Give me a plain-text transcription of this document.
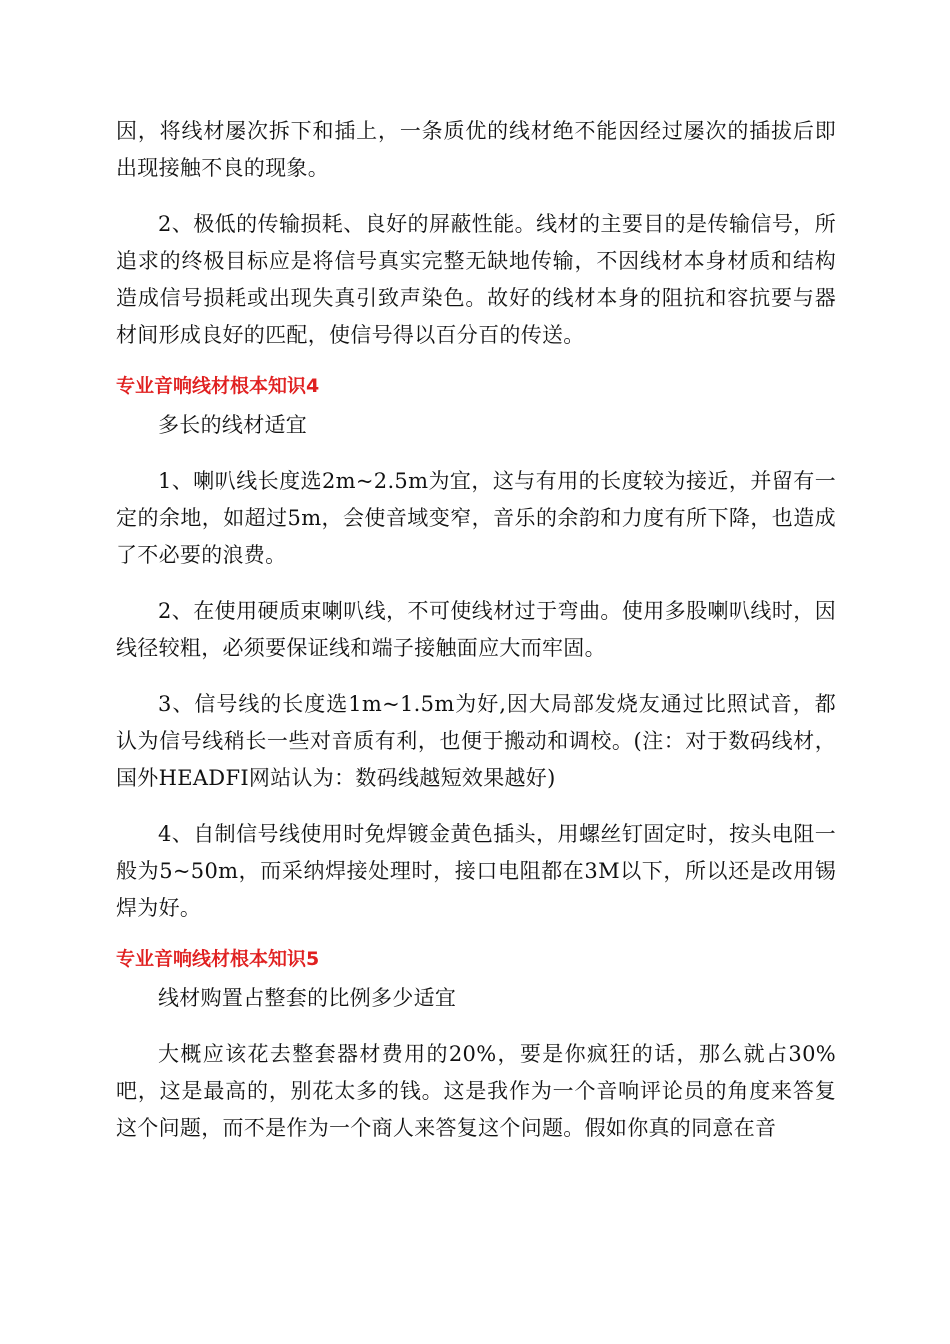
因，将线材屡次拆下和插上，一条质优的线材绝不能因经过屡次的插拔后即出现接触不良的现象。

2、极低的传输损耗、良好的屏蔽性能。线材的主要目的是传输信号，所追求的终极目标应是将信号真实完整无缺地传输，不因线材本身材质和结构造成信号损耗或出现失真引致声染色。故好的线材本身的阻抗和容抗要与器材间形成良好的匹配，使信号得以百分百的传送。

专业音响线材根本知识4

多长的线材适宜

1、喇叭线长度选2m~2.5m为宜，这与有用的长度较为接近，并留有一定的余地，如超过5m，会使音域变窄，音乐的余韵和力度有所下降，也造成了不必要的浪费。

2、在使用硬质束喇叭线，不可使线材过于弯曲。使用多股喇叭线时，因线径较粗，必须要保证线和端子接触面应大而牢固。

3、信号线的长度选1m~1.5m为好,因大局部发烧友通过比照试音，都认为信号线稍长一些对音质有利，也便于搬动和调校。(注：对于数码线材，国外HEADFI网站认为：数码线越短效果越好)

4、自制信号线使用时免焊镀金黄色插头，用螺丝钉固定时，按头电阻一般为5~50m，而采纳焊接处理时，接口电阻都在3M以下，所以还是改用锡焊为好。

专业音响线材根本知识5

线材购置占整套的比例多少适宜

大概应该花去整套器材费用的20%，要是你疯狂的话，那么就占30%吧，这是最高的，别花太多的钱。这是我作为一个音响评论员的角度来答复这个问题，而不是作为一个商人来答复这个问题。假如你真的同意在音
